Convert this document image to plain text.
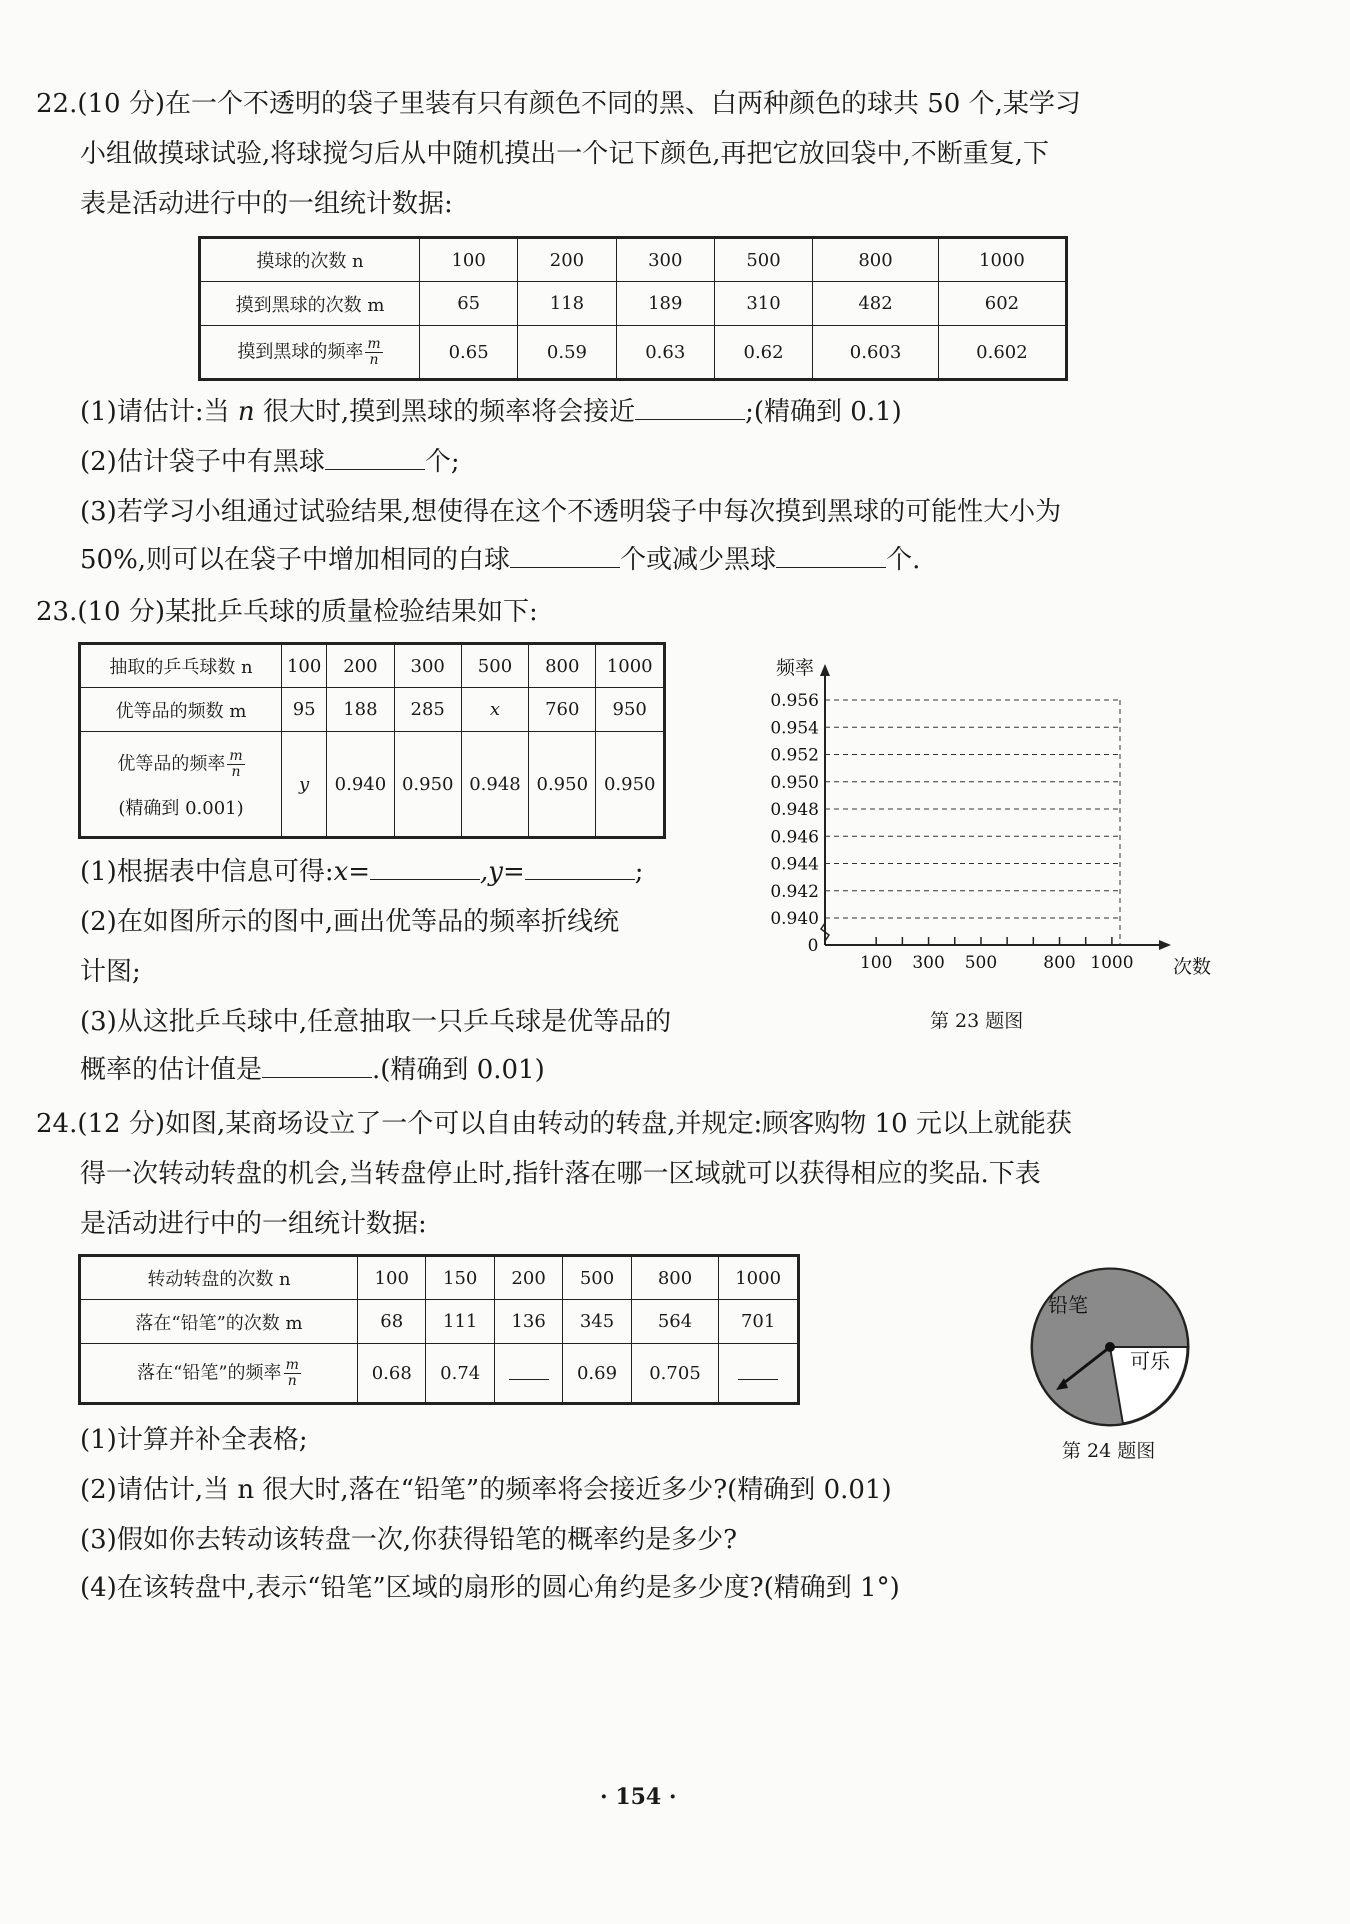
22.(10 分)在一个不透明的袋子里装有只有颜色不同的黑、白两种颜色的球共 50 个,某学习
小组做摸球试验,将球搅匀后从中随机摸出一个记下颜色,再把它放回袋中,不断重复,下
表是活动进行中的一组统计数据:
摸球的次数 n	100	200	300	500	800	1000
摸到黑球的次数 m	65	118	189	310	482	602
摸到黑球的频率 $\frac{m}{n}$	0.65	0.59	0.63	0.62	0.603	0.602
(1)请估计:当 n 很大时,摸到黑球的频率将会接近	;(精确到 0.1)
(2)估计袋子中有黑球	个;
(3)若学习小组通过试验结果,想使得在这个不透明袋子中每次摸到黑球的可能性大小为
50%,则可以在袋子中增加相同的白球	个或减少黑球	个.
23.(10 分)某批乒乓球的质量检验结果如下:
抽取的乒乓球数 n	100	200	300	500	800	1000
优等品的频数 m	95	188	285	x	760	950

优等品的频率 $\frac{m}{n}$
(精确到 0.001)	y	0.940	0.950	0.948	0.950	0.950
(1)根据表中信息可得:x=	,y=	;
(2)在如图所示的图中,画出优等品的频率折线统
计图;
(3)从这批乒乓球中,任意抽取一只乒乓球是优等品的
概率的估计值是	.(精确到 0.01)
0.956
0.954
0.952
0.950
0.948
0.946
0.944
0.942
0.940
100 300 500	800 1000
0
频率
次数
第 23 题图
24.(12 分)如图,某商场设立了一个可以自由转动的转盘,并规定:顾客购物 10 元以上就能获
得一次转动转盘的机会,当转盘停止时,指针落在哪一区域就可以获得相应的奖品.下表
是活动进行中的一组统计数据:
转动转盘的次数 n	100	150	200	500	800	1000
落在“铅笔”的次数 m	68	111	136	345	564	701
落在“铅笔”的频率 $\frac{m}{n}$	0.68	0.74		0.69	0.705	
铅笔
可乐
第 24 题图
(1)计算并补全表格;
(2)请估计,当 n 很大时,落在“铅笔”的频率将会接近多少?(精确到 0.01)
(3)假如你去转动该转盘一次,你获得铅笔的概率约是多少?
(4)在该转盘中,表示“铅笔”区域的扇形的圆心角约是多少度?(精确到 1°)
· 154 ·
